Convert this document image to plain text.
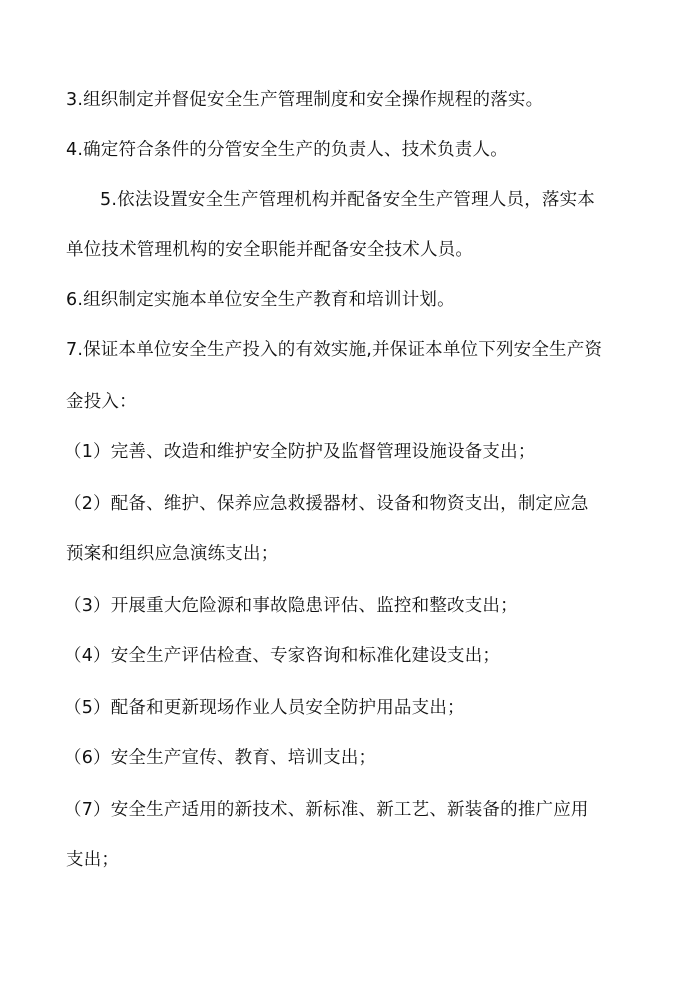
3.组织制定并督促安全生产管理制度和安全操作规程的落实。
4.确定符合条件的分管安全生产的负责人、技术负责人。
5.依法设置安全生产管理机构并配备安全生产管理人员，落实本
单位技术管理机构的安全职能并配备安全技术人员。
6.组织制定实施本单位安全生产教育和培训计划。
7.保证本单位安全生产投入的有效实施,并保证本单位下列安全生产资
金投入：
（1）完善、改造和维护安全防护及监督管理设施设备支出；
（2）配备、维护、保养应急救援器材、设备和物资支出，制定应急
预案和组织应急演练支出；
（3）开展重大危险源和事故隐患评估、监控和整改支出；
（4）安全生产评估检查、专家咨询和标准化建设支出；
（5）配备和更新现场作业人员安全防护用品支出；
（6）安全生产宣传、教育、培训支出；
（7）安全生产适用的新技术、新标准、新工艺、新装备的推广应用
支出；
